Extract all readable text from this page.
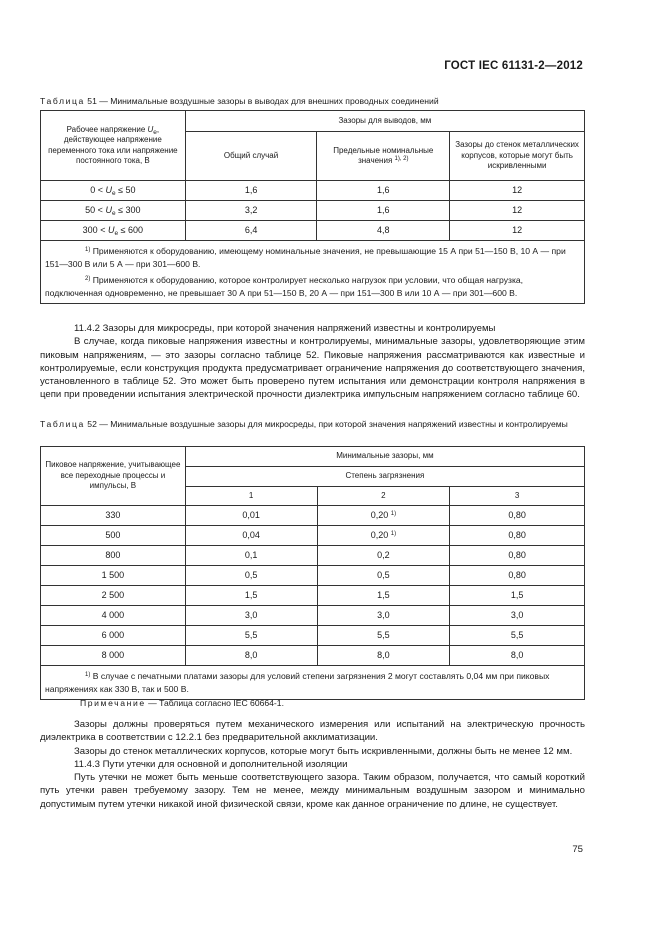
ГОСТ IEC 61131-2—2012
Таблица 51 — Минимальные воздушные зазоры в выводах для внешних проводных соединений
Рабочее напряжение $U_e$, действующее напряжение переменного тока или напряжение постоянного тока, В	Зазоры для выводов, мм		
	Общий случай	Предельные номинальные значения $^{1), 2)}$	Зазоры до стенок металлических корпусов, которые могут быть искривленными
$0 < U_e \le 50$	1,6	1,6	12
$50 < U_e \le 300$	3,2	1,6	12
$300 < U_e \le 600$	6,4	4,8	12

$^{1)}$ Применяются к оборудованию, имеющему номинальные значения, не превышающие 15 А при 51—150 В, 10 А — при 151—300 В или 5 А — при 301—600 В.

$^{2)}$ Применяются к оборудованию, которое контролирует несколько нагрузок при условии, что общая нагрузка, подключенная одновременно, не превышает 30 А при 51—150 В, 20 А — при 151—300 В или 10 А — при 301—600 В.			

11.4.2 Зазоры для микросреды, при которой значения напряжений известны и контролируемы

В случае, когда пиковые напряжения известны и контролируемы, минимальные зазоры, удовлетворяющие этим пиковым напряжениям, — это зазоры согласно таблице 52. Пиковые напряжения рассматриваются как известные и контролируемые, если конструкция продукта предусматривает ограничение напряжения до соответствующего значения, установленного в таблице 52. Это может быть проверено путем испытания или демонстрации контроля напряжения в цепи при проведении испытания электрической прочности диэлектрика импульсным напряжением согласно таблице 60.

Таблица 52 — Минимальные воздушные зазоры для микросреды, при которой значения напряжений известны и контролируемы
Пиковое напряжение, учитывающее все переходные процессы и импульсы, В	Минимальные зазоры, мм		
	Степень загрязнения		
	1	2	3
330	0,01	0,20 $^{1)}$	0,80
500	0,04	0,20 $^{1)}$	0,80
800	0,1	0,2	0,80
1 500	0,5	0,5	0,80
2 500	1,5	1,5	1,5
4 000	3,0	3,0	3,0
6 000	5,5	5,5	5,5
8 000	8,0	8,0	8,0

$^{1)}$ В случае с печатными платами зазоры для условий степени загрязнения 2 могут составлять 0,04 мм при пиковых напряжениях как 330 В, так и 500 В.			

Примечание — Таблица согласно IEC 60664-1.

Зазоры должны проверяться путем механического измерения или испытаний на электрическую прочность диэлектрика в соответствии с 12.2.1 без предварительной акклиматизации.

Зазоры до стенок металлических корпусов, которые могут быть искривленными, должны быть не менее 12 мм.

11.4.3 Пути утечки для основной и дополнительной изоляции

Путь утечки не может быть меньше соответствующего зазора. Таким образом, получается, что самый короткий путь утечки равен требуемому зазору. Тем не менее, между минимальным воздушным зазором и минимально допустимым путем утечки никакой иной физической связи, кроме как данное ограничение по длине, не существует.

75
